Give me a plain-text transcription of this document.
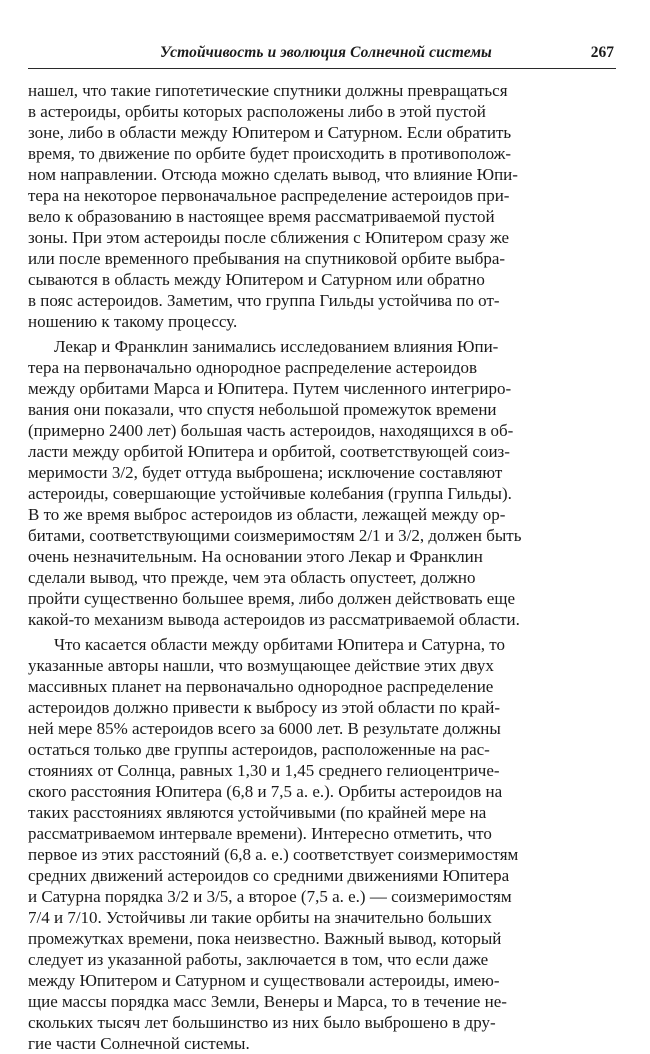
Устойчивость и эволюция Солнечной системы	267
нашел, что такие гипотетические спутники должны превращаться
в астероиды, орбиты которых расположены либо в этой пустой
зоне, либо в области между Юпитером и Сатурном. Если обратить
время, то движение по орбите будет происходить в противополож-
ном направлении. Отсюда можно сделать вывод, что влияние Юпи-
тера на некоторое первоначальное распределение астероидов при-
вело к образованию в настоящее время рассматриваемой пустой
зоны. При этом астероиды после сближения с Юпитером сразу же
или после временного пребывания на спутниковой орбите выбра-
сываются в область между Юпитером и Сатурном или обратно
в пояс астероидов. Заметим, что группа Гильды устойчива по от-
ношению к такому процессу.
Лекар и Франклин занимались исследованием влияния Юпи-
тера на первоначально однородное распределение астероидов
между орбитами Марса и Юпитера. Путем численного интегриро-
вания они показали, что спустя небольшой промежуток времени
(примерно 2400 лет) большая часть астероидов, находящихся в об-
ласти между орбитой Юпитера и орбитой, соответствующей соиз-
меримости 3/2, будет оттуда выброшена; исключение составляют
астероиды, совершающие устойчивые колебания (группа Гильды).
В то же время выброс астероидов из области, лежащей между ор-
битами, соответствующими соизмеримостям 2/1 и 3/2, должен быть
очень незначительным. На основании этого Лекар и Франклин
сделали вывод, что прежде, чем эта область опустеет, должно
пройти существенно большее время, либо должен действовать еще
какой-то механизм вывода астероидов из рассматриваемой области.
Что касается области между орбитами Юпитера и Сатурна, то
указанные авторы нашли, что возмущающее действие этих двух
массивных планет на первоначально однородное распределение
астероидов должно привести к выбросу из этой области по край-
ней мере 85% астероидов всего за 6000 лет. В результате должны
остаться только две группы астероидов, расположенные на рас-
стояниях от Солнца, равных 1,30 и 1,45 среднего гелиоцентриче-
ского расстояния Юпитера (6,8 и 7,5 а. е.). Орбиты астероидов на
таких расстояниях являются устойчивыми (по крайней мере на
рассматриваемом интервале времени). Интересно отметить, что
первое из этих расстояний (6,8 а. е.) соответствует соизмеримостям
средних движений астероидов со средними движениями Юпитера
и Сатурна порядка 3/2 и 3/5, а второе (7,5 а. е.) — соизмеримостям
7/4 и 7/10. Устойчивы ли такие орбиты на значительно больших
промежутках времени, пока неизвестно. Важный вывод, который
следует из указанной работы, заключается в том, что если даже
между Юпитером и Сатурном и существовали астероиды, имею-
щие массы порядка масс Земли, Венеры и Марса, то в течение не-
скольких тысяч лет большинство из них было выброшено в дру-
гие части Солнечной системы.
